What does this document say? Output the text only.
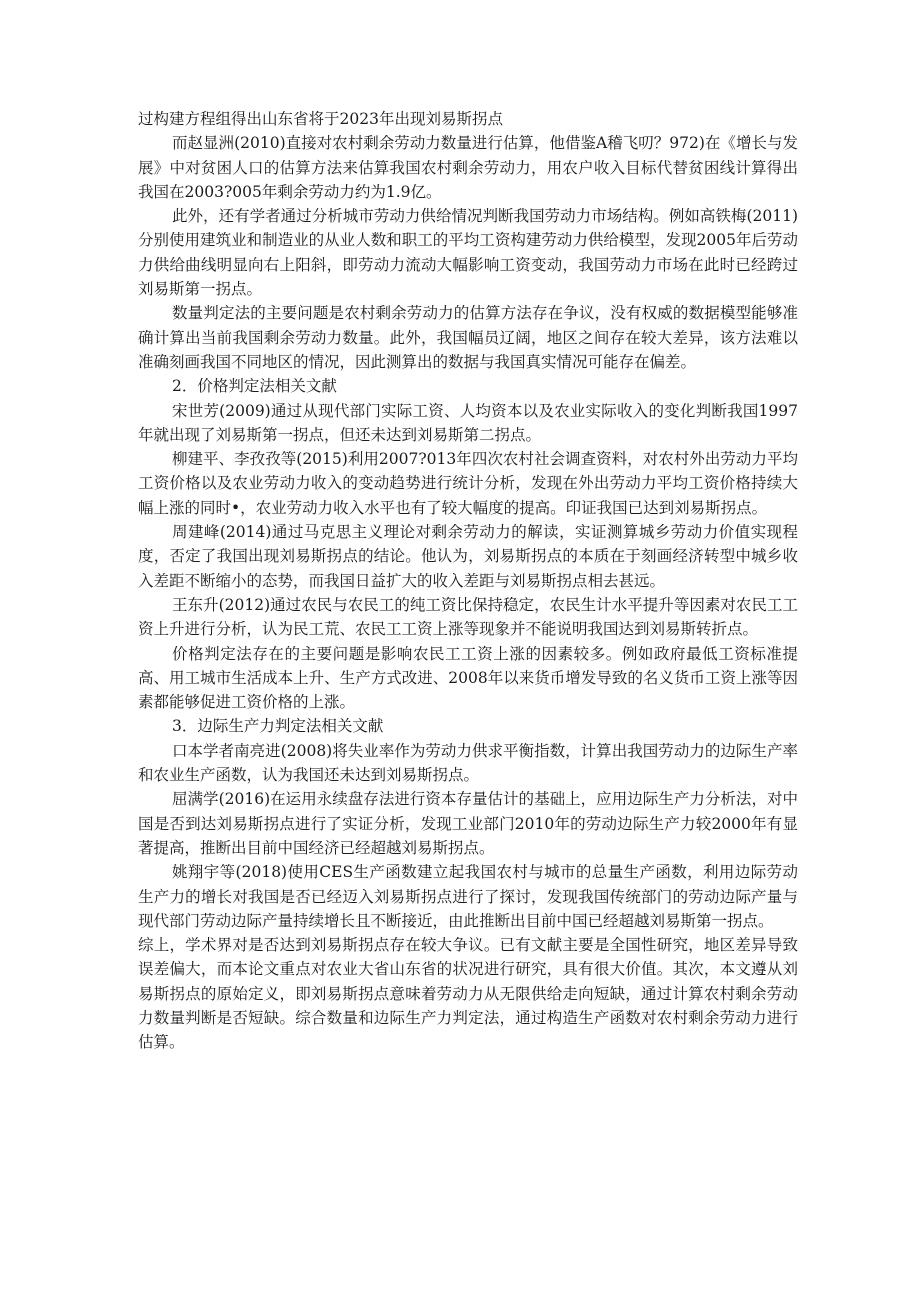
过构建方程组得出山东省将于2023年出现刘易斯拐点

而赵显洲(2010)直接对农村剩余劳动力数量进行估算，他借鉴A稽飞叨？972)在《增长与发展》中对贫困人口的估算方法来估算我国农村剩余劳动力，用农户收入目标代替贫困线计算得出我国在2003?005年剩余劳动力约为1.9亿。

此外，还有学者通过分析城市劳动力供给情况判断我国劳动力市场结构。例如高铁梅(2011)分别使用建筑业和制造业的从业人数和职工的平均工资构建劳动力供给模型，发现2005年后劳动力供给曲线明显向右上阳斜，即劳动力流动大幅影响工资变动，我国劳动力市场在此时已经跨过刘易斯第一拐点。

数量判定法的主要问题是农村剩余劳动力的估算方法存在争议，没有权威的数据模型能够准确计算出当前我国剩余劳动力数量。此外，我国幅员辽阔，地区之间存在较大差异，该方法难以准确刻画我国不同地区的情况，因此测算出的数据与我国真实情况可能存在偏差。

2．价格判定法相关文献

宋世芳(2009)通过从现代部门实际工资、人均资本以及农业实际收入的变化判断我国1997年就出现了刘易斯第一拐点，但还未达到刘易斯第二拐点。

柳建平、李孜孜等(2015)利用2007?013年四次农村社会调查资料，对农村外出劳动力平均工资价格以及农业劳动力收入的变动趋势进行统计分析，发现在外出劳动力平均工资价格持续大幅上涨的同时•，农业劳动力收入水平也有了较大幅度的提高。印证我国已达到刘易斯拐点。

周建峰(2014)通过马克思主义理论对剩余劳动力的解读，实证测算城乡劳动力价值实现程度，否定了我国出现刘易斯拐点的结论。他认为，刘易斯拐点的本质在于刻画经济转型中城乡收入差距不断缩小的态势，而我国日益扩大的收入差距与刘易斯拐点相去甚远。

王东升(2012)通过农民与农民工的纯工资比保持稳定，农民生计水平提升等因素对农民工工资上升进行分析，认为民工荒、农民工工资上涨等现象并不能说明我国达到刘易斯转折点。

价格判定法存在的主要问题是影响农民工工资上涨的因素较多。例如政府最低工资标准提高、用工城市生活成本上升、生产方式改进、2008年以来货币增发导致的名义货币工资上涨等因素都能够促进工资价格的上涨。

3．边际生产力判定法相关文献

口本学者南亮进(2008)将失业率作为劳动力供求平衡指数，计算出我国劳动力的边际生产率和农业生产函数，认为我国还未达到刘易斯拐点。

屈满学(2016)在运用永续盘存法进行资本存量估计的基础上，应用边际生产力分析法，对中国是否到达刘易斯拐点进行了实证分析，发现工业部门2010年的劳动边际生产力较2000年有显著提高，推断出目前中国经济已经超越刘易斯拐点。

姚翔宇等(2018)使用CES生产函数建立起我国农村与城市的总量生产函数，利用边际劳动生产力的增长对我国是否已经迈入刘易斯拐点进行了探讨，发现我国传统部门的劳动边际产量与现代部门劳动边际产量持续增长且不断接近，由此推断出目前中国已经超越刘易斯第一拐点。

综上，学术界对是否达到刘易斯拐点存在较大争议。已有文献主要是全国性研究，地区差异导致误差偏大，而本论文重点对农业大省山东省的状况进行研究，具有很大价值。其次，本文遵从刘易斯拐点的原始定义，即刘易斯拐点意味着劳动力从无限供给走向短缺，通过计算农村剩余劳动力数量判断是否短缺。综合数量和边际生产力判定法，通过构造生产函数对农村剩余劳动力进行估算。
